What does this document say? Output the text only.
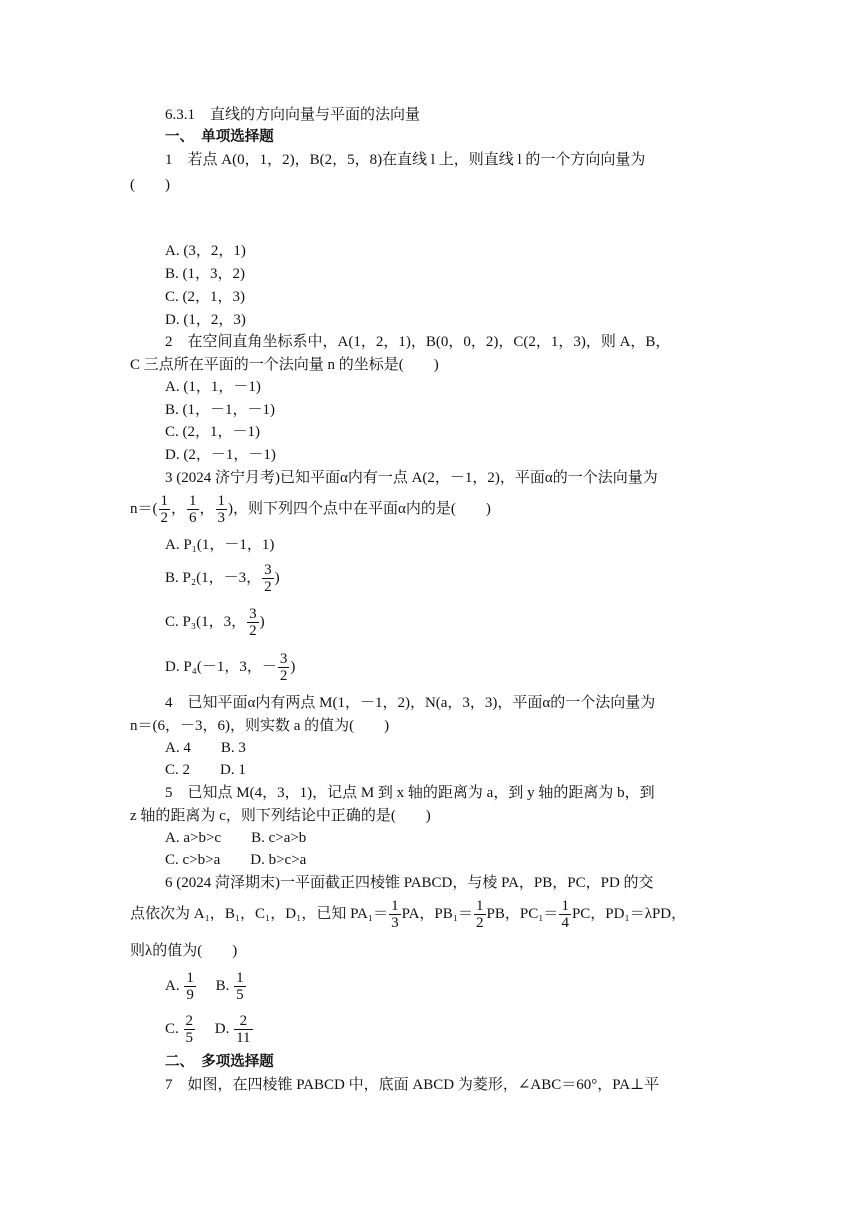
6.3.1　直线的方向向量与平面的法向量
一、　单项选择题
1　若点 A(0，1，2)，B(2，5，8)在直线 l 上，则直线 l 的一个方向向量为
(　　)
A. (3，2，1)
B. (1，3，2)
C. (2，1，3)
D. (1，2，3)
2　在空间直角坐标系中，A(1，2，1)，B(0，0，2)，C(2，1，3)，则 A，B，
C 三点所在平面的一个法向量 n 的坐标是(　　)
A. (1，1，－1)
B. (1，－1，－1)
C. (2，1，－1)
D. (2，－1，－1)
3 (2024 济宁月考)已知平面α内有一点 A(2，－1，2)，平面α的一个法向量为
$n=( \frac{1}{2}$ ， $\frac{1}{6}$ ， $\frac{1}{3}$ )，则下列四个点中在平面α内的是(　　)
A. P₁(1，－1，1)
B. P₂(1，－3， $\frac{3}{2}$ )
C. P₃(1，3， $\frac{3}{2}$ )
D. P₄(－1，3，－ $\frac{3}{2}$ )
4　已知平面α内有两点 M(1，－1，2)，N(a，3，3)，平面α的一个法向量为
n＝(6，－3，6)，则实数 a 的值为(　　)
A. 4　　B. 3
C. 2　　D. 1
5　已知点 M(4，3，1)，记点 M 到 x 轴的距离为 a，到 y 轴的距离为 b，到
z 轴的距离为 c，则下列结论中正确的是(　　)
A. a>b>c　　B. c>a>b
C. c>b>a　　D. b>c>a
6 (2024 菏泽期末)一平面截正四棱锥 PABCD，与棱 PA，PB，PC，PD 的交
点依次为 A₁，B₁，C₁，D₁，已知 $PA_1= \frac{1}{3}$ PA，$PB_1= \frac{1}{2}$ PB，$PC_1= \frac{1}{4}$ PC，PD₁＝λPD，
则λ的值为(　　)
A. $\frac{1}{9} B$. $\frac{1}{5}$
C. $\frac{2}{5} D$. $\frac{2}{11}$
二、　多项选择题
7　如图，在四棱锥 PABCD 中，底面 ABCD 为菱形，∠ABC＝60°，PA⊥平
